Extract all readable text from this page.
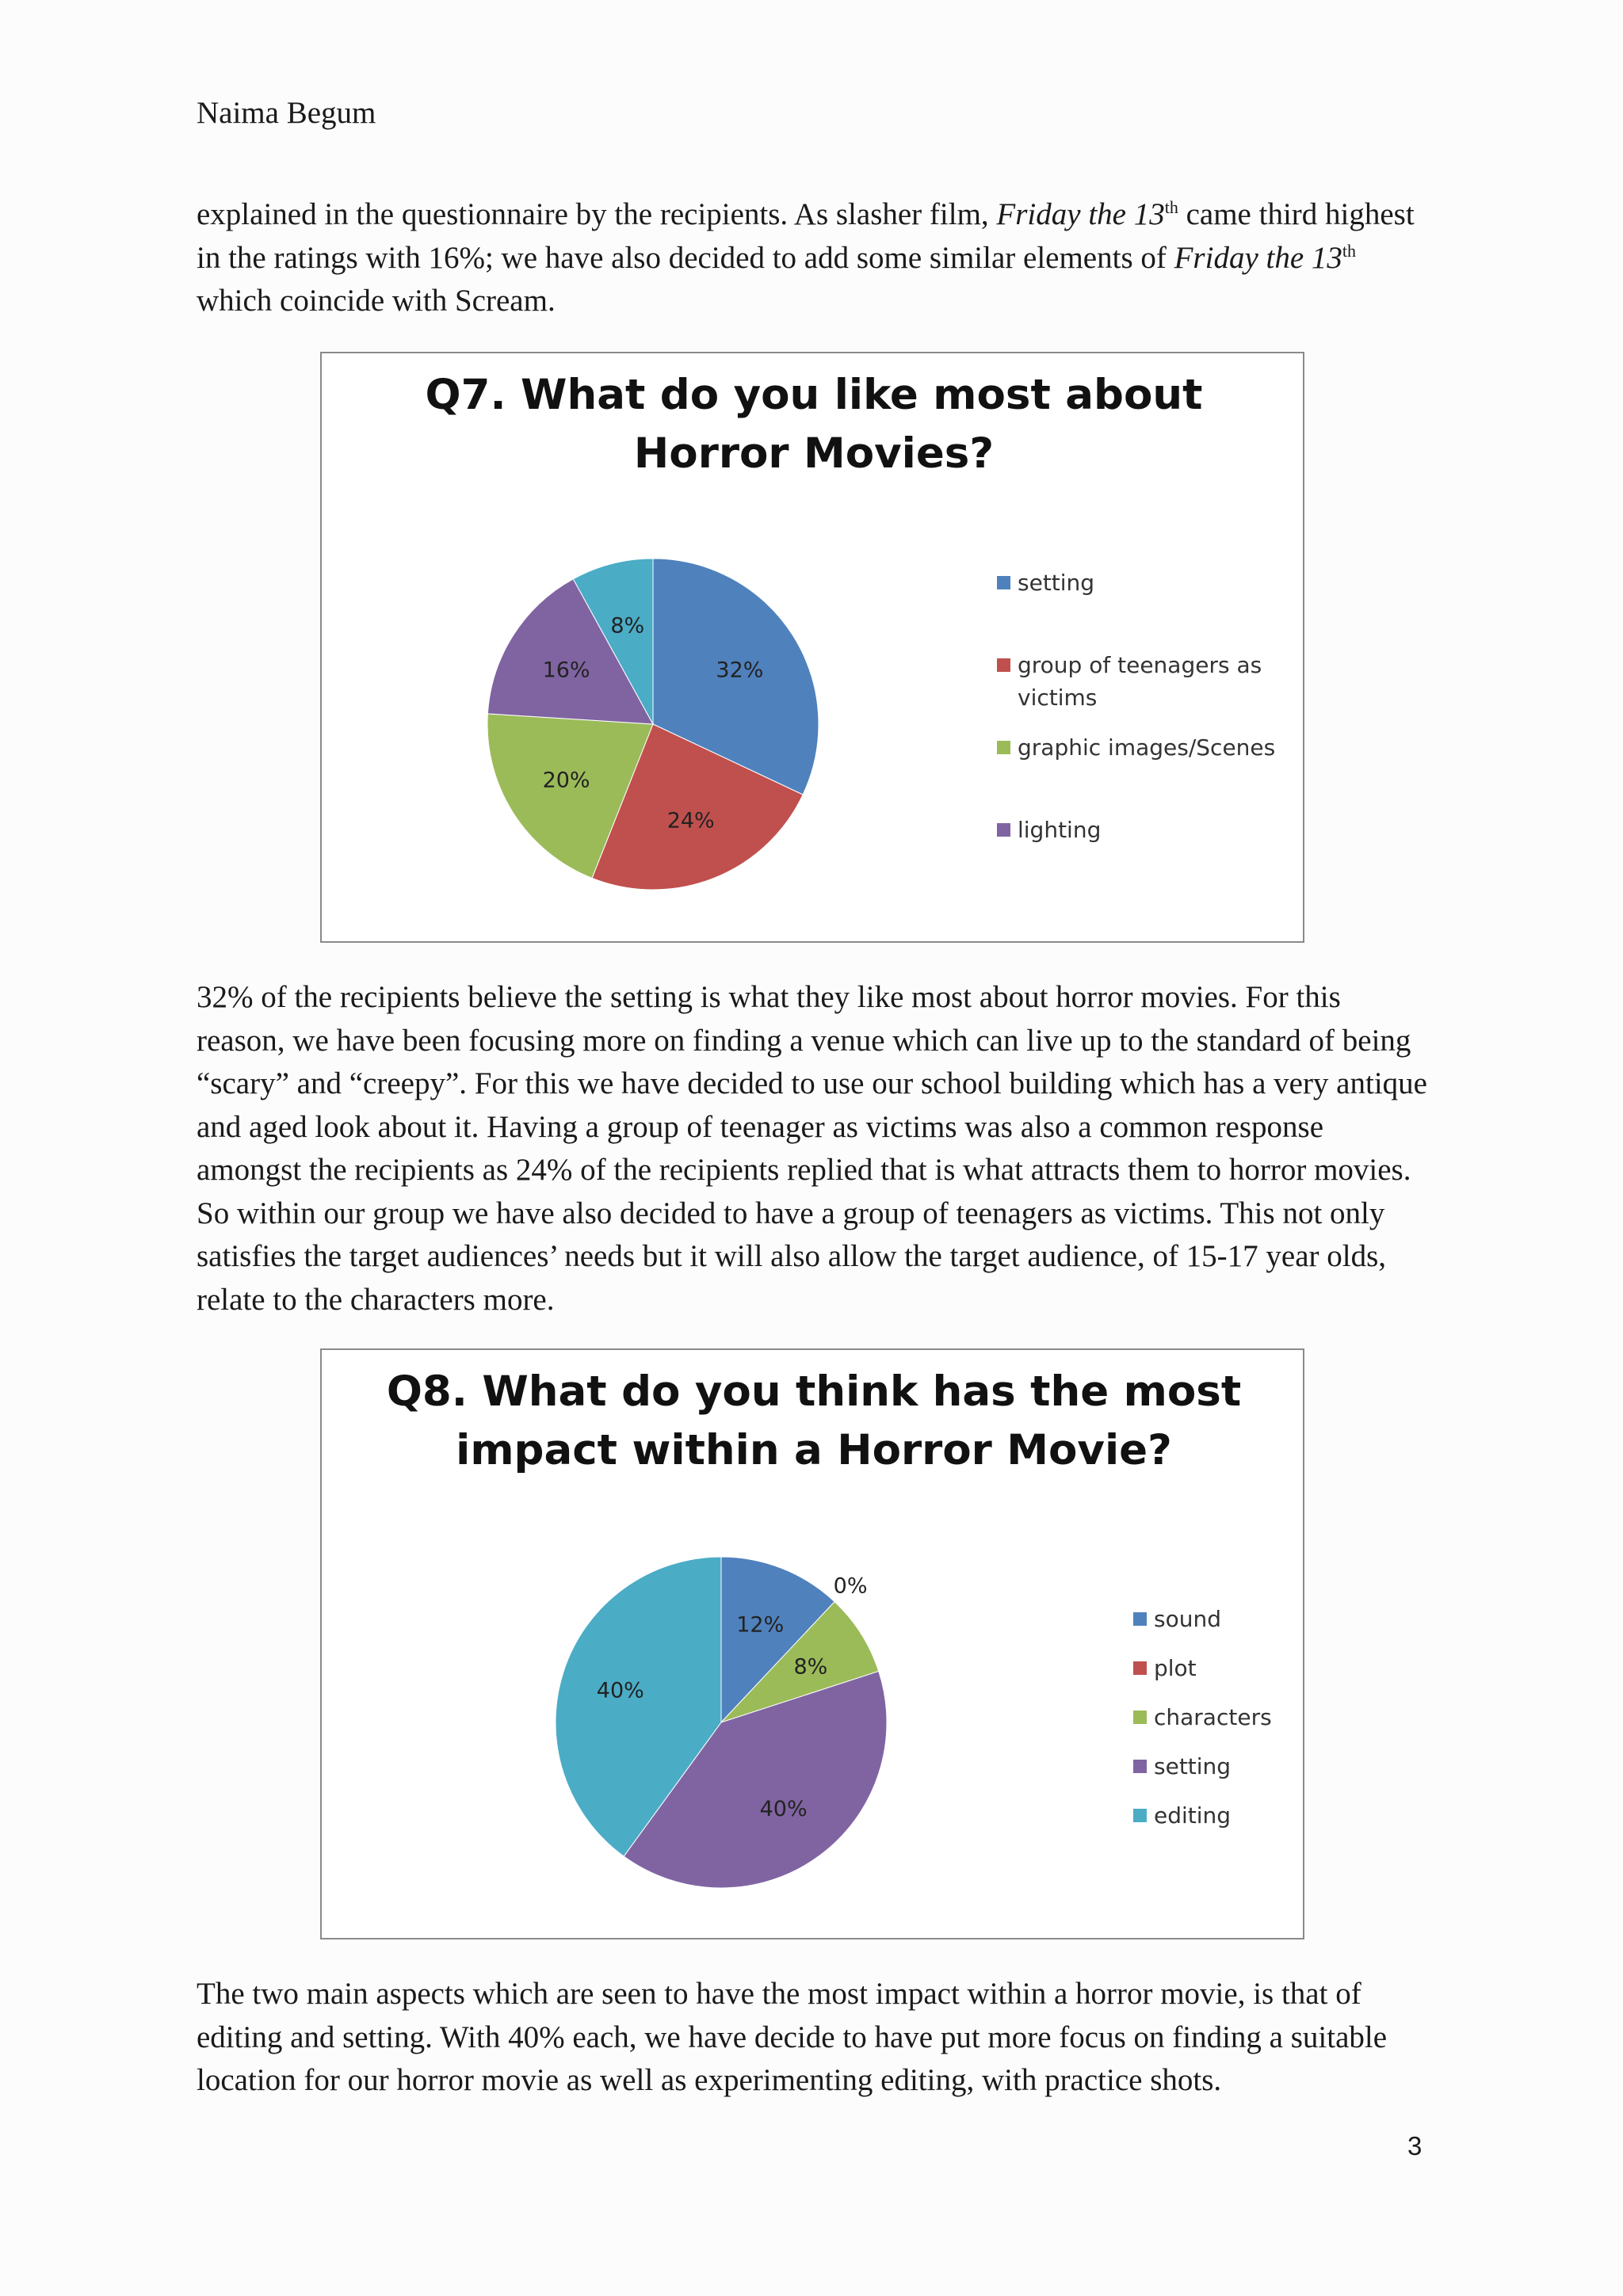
Naima Begum

explained in the questionnaire by the recipients. As slasher film, Friday the 13th came third highest in the ratings with 16%; we have also decided to add some similar elements of Friday the 13th which coincide with Scream.

Q7. What do you like most about
Horror Movies?
32%
24%
20%
16%
8%
setting
group of teenagers as
victims
graphic images/Scenes
lighting

32% of the recipients believe the setting is what they like most about horror movies. For this reason, we have been focusing more on finding a venue which can live up to the standard of being “scary” and “creepy”. For this we have decided to use our school building which has a very antique and aged look about it. Having a group of teenager as victims was also a common response amongst the recipients as 24% of the recipients replied that is what attracts them to horror movies. So within our group we have also decided to have a group of teenagers as victims. This not only satisfies the target audiences’ needs but it will also allow the target audience, of 15-17 year olds, relate to the characters more.

Q8. What do you think has the most
impact within a Horror Movie?
12%
0%
8%
40%
40%
sound
plot
characters
setting
editing

The two main aspects which are seen to have the most impact within a horror movie, is that of editing and setting. With 40% each, we have decide to have put more focus on finding a suitable location for our horror movie as well as experimenting editing, with practice shots.

3
